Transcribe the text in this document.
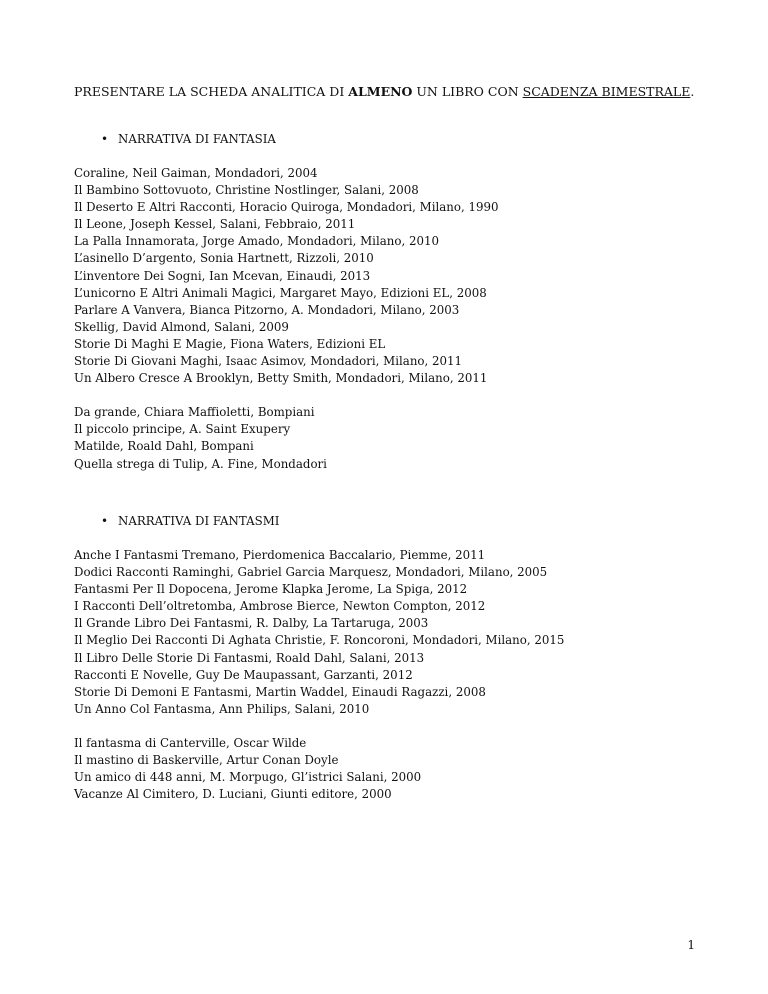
PRESENTARE LA SCHEDA ANALITICA DI ALMENO UN LIBRO CON SCADENZA BIMESTRALE.
• NARRATIVA DI FANTASIA
Coraline, Neil Gaiman, Mondadori, 2004
Il Bambino Sottovuoto, Christine Nostlinger, Salani, 2008
Il Deserto E Altri Racconti, Horacio Quiroga, Mondadori, Milano, 1990
Il Leone, Joseph Kessel, Salani, Febbraio, 2011
La Palla Innamorata, Jorge Amado, Mondadori, Milano, 2010
L’asinello D’argento, Sonia Hartnett, Rizzoli, 2010
L’inventore Dei Sogni, Ian Mcevan, Einaudi, 2013
L’unicorno E Altri Animali Magici, Margaret Mayo, Edizioni EL, 2008
Parlare A Vanvera, Bianca Pitzorno, A. Mondadori, Milano, 2003
Skellig, David Almond, Salani, 2009
Storie Di Maghi E Magie, Fiona Waters, Edizioni EL
Storie Di Giovani Maghi, Isaac Asimov, Mondadori, Milano, 2011
Un Albero Cresce A Brooklyn, Betty Smith, Mondadori, Milano, 2011
Da grande, Chiara Maffioletti, Bompiani
Il piccolo principe, A. Saint Exupery
Matilde, Roald Dahl, Bompani
Quella strega di Tulip, A. Fine, Mondadori
• NARRATIVA DI FANTASMI
Anche I Fantasmi Tremano, Pierdomenica Baccalario, Piemme, 2011
Dodici Racconti Raminghi, Gabriel Garcia Marquesz, Mondadori, Milano, 2005
Fantasmi Per Il Dopocena, Jerome Klapka Jerome, La Spiga, 2012
I Racconti Dell’oltretomba, Ambrose Bierce, Newton Compton, 2012
Il Grande Libro Dei Fantasmi, R. Dalby, La Tartaruga, 2003
Il Meglio Dei Racconti Di Aghata Christie, F. Roncoroni, Mondadori, Milano, 2015
Il Libro Delle Storie Di Fantasmi, Roald Dahl, Salani, 2013
Racconti E Novelle, Guy De Maupassant, Garzanti, 2012
Storie Di Demoni E Fantasmi, Martin Waddel, Einaudi Ragazzi, 2008
Un Anno Col Fantasma, Ann Philips, Salani, 2010
Il fantasma di Canterville, Oscar Wilde
Il mastino di Baskerville, Artur Conan Doyle
Un amico di 448 anni, M. Morpugo, Gl’istrici Salani, 2000
Vacanze Al Cimitero, D. Luciani, Giunti editore, 2000
1
